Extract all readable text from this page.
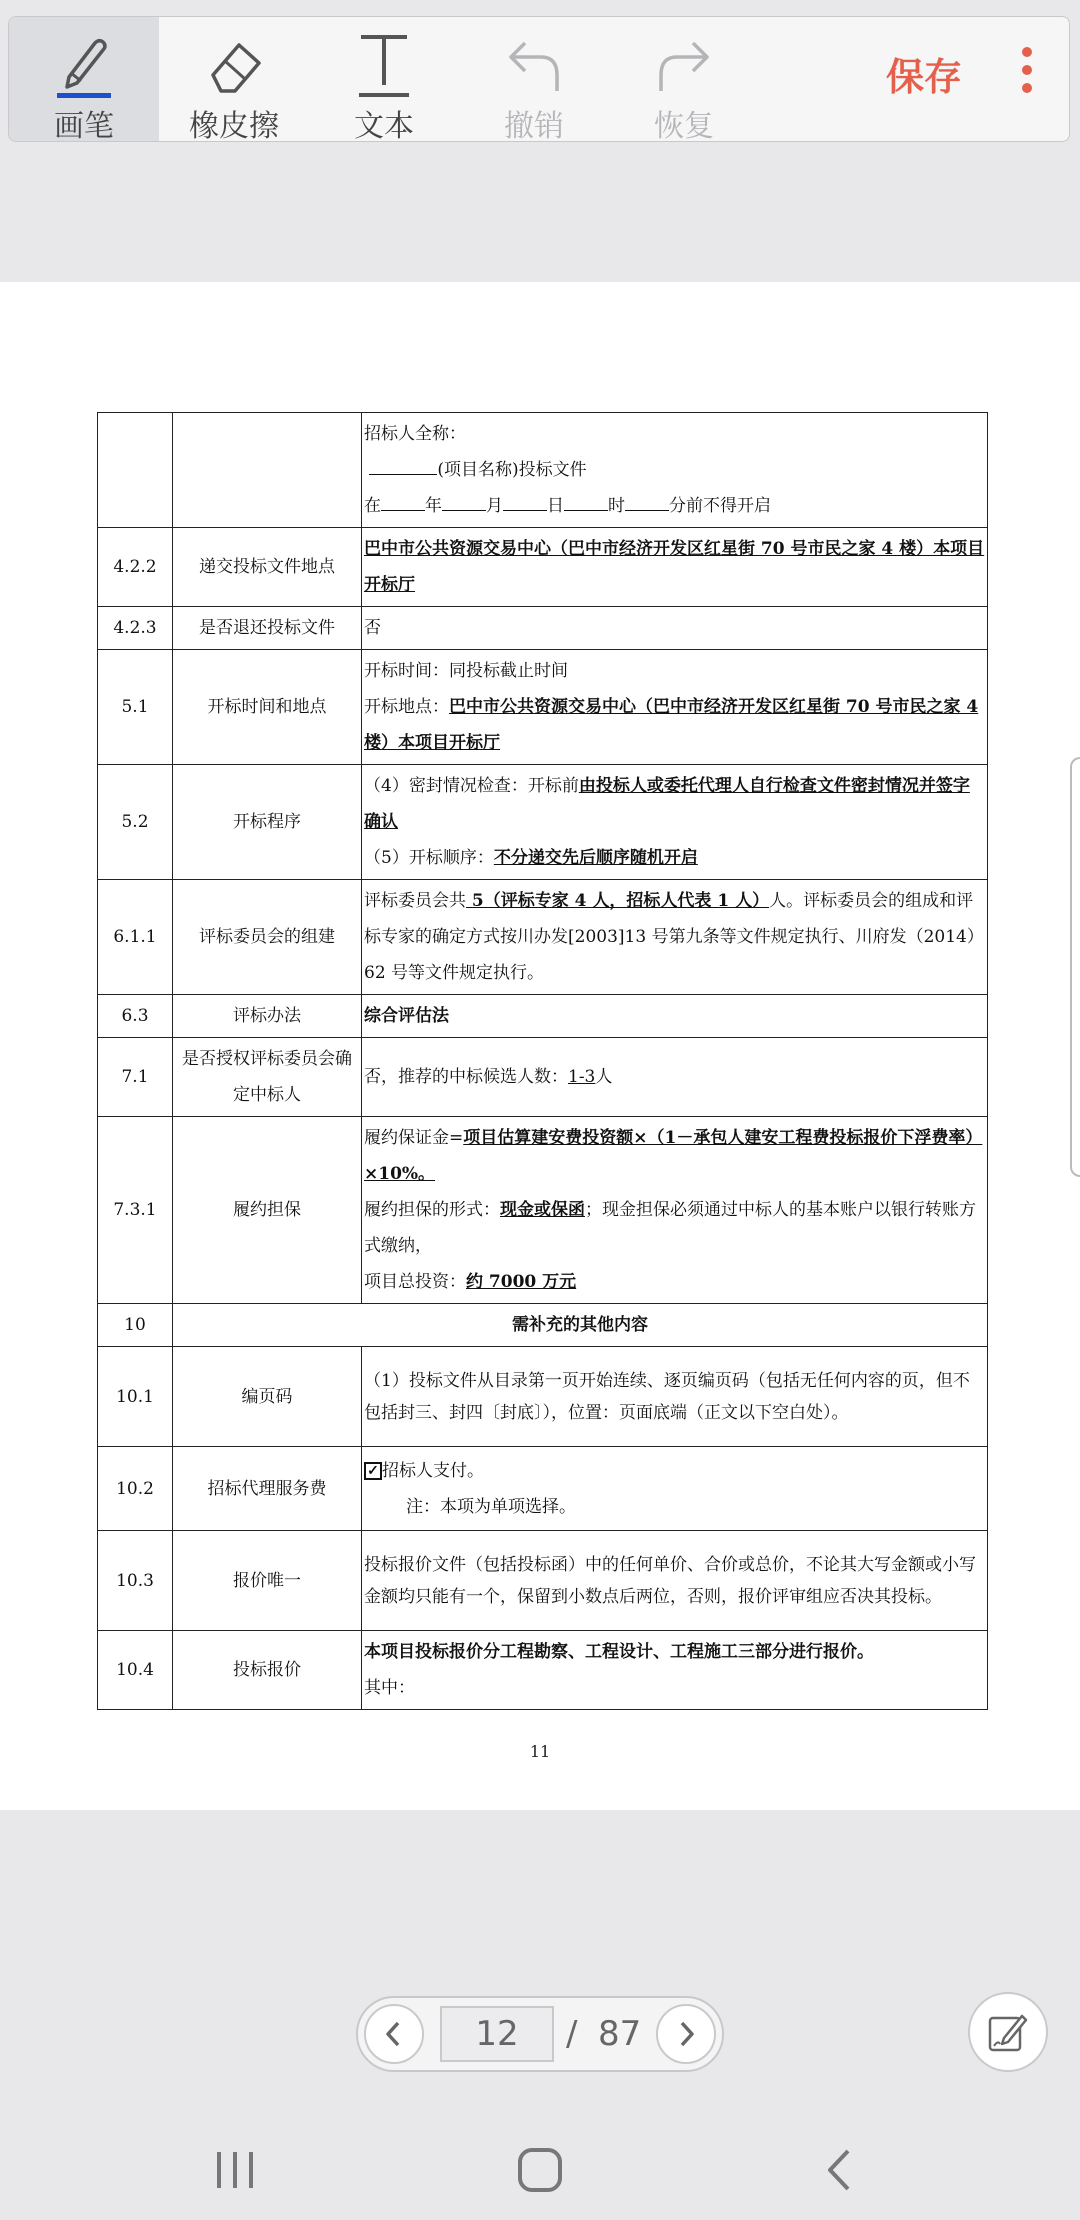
画笔	橡皮擦	文本	撤销	恢复
保存

		招标人全称：
(项目名称)投标文件
在 年 月 日 时 分前不得开启

4.2.2	递交投标文件地点	巴中市公共资源交易中心（巴中市经济开发区红星街 70 号市民之家 4 楼）本项目开标厅
4.2.3	是否退还投标文件	否
5.1	开标时间和地点	开标时间：同投标截止时间
开标地点：巴中市公共资源交易中心（巴中市经济开发区红星街 70 号市民之家 4 楼）本项目开标厅

5.2	开标程序	（4）密封情况检查：开标前由投标人或委托代理人自行检查文件密封情况并签字确认
（5）开标顺序：不分递交先后顺序随机开启

6.1.1	评标委员会的组建	评标委员会共 5（评标专家 4 人，招标人代表 1 人）人。评标委员会的组成和评标专家的确定方式按川办发[2003]13 号第九条等文件规定执行、川府发（2014）62 号等文件规定执行。
6.3	评标办法	综合评估法
7.1	是否授权评标委员会确定中标人	否，推荐的中标候选人数：1-3人
7.3.1	履约担保	履约保证金=项目估算建安费投资额×（1－承包人建安工程费投标报价下浮费率）×10%。
履约担保的形式：现金或保函；现金担保必须通过中标人的基本账户以银行转账方式缴纳，
项目总投资：约 7000 万元

10	需补充的其他内容	
10.1	编页码	（1）投标文件从目录第一页开始连续、逐页编页码（包括无任何内容的页，但不包括封三、封四〔封底〕），位置：页面底端（正文以下空白处）。
10.2	招标代理服务费	✓ 招标人支付。
注：本项为单项选择。

10.3	报价唯一	投标报价文件（包括投标函）中的任何单价、合价或总价，不论其大写金额或小写金额均只能有一个，保留到小数点后两位，否则，报价评审组应否决其投标。
10.4	投标报价	本项目投标报价分工程勘察、工程设计、工程施工三部分进行报价。
其中：
11
12	/ 87
